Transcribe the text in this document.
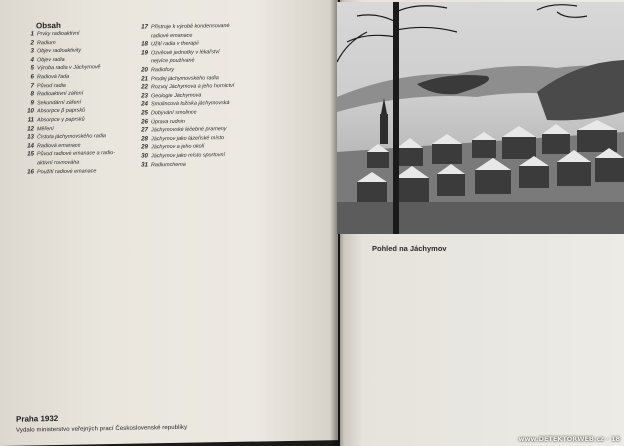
Obsah
1 Prvky radioaktivní
2 Radium
3 Objev radioaktivity
4 Objev radia
5 Výroba radia v Jáchymově
6 Radiová řada
7 Původ radia
8 Radioaktivní záření
9 Sekundární záření
10 Absorpce β paprsků
11 Absorpce γ paprsků
12 Měření
13 Čistota jáchymovského radia
14 Radiová emanace
15 Původ radiové emanace a radio-
aktivní rovnováha
16 Použití radiové emanace
17 Přístroje k výrobě kondensované
radiové emanace
18 Užití radia v therapii
19 Ozvěové jednotky v lékařství
nejvíce používané
20 Radiofory
21 Prodej jáchymovského radia
22 Rozvoj Jáchymova a jeho hornictví
23 Geologie Jáchymova
24 Smolincová ložiska jáchymovská
25 Dobývání smolince
26 Úprava rudnin
27 Jáchymovské léčebné prameny
28 Jáchymov jako lázeňské místo
29 Jáchymov a jeho okolí
30 Jáchymov jako místo sportovní
31 Radiumchema
Praha 1932
Vydalo ministerstvo veřejných prací Československé republiky
Pohled na Jáchymov
www.DETEKTORWEB.cz · 18
